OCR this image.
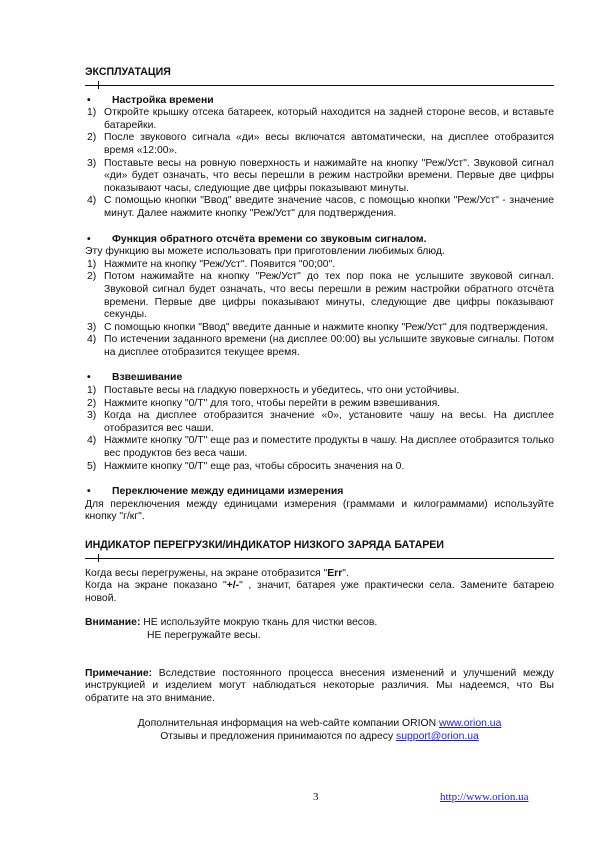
ЭКСПЛУАТАЦИЯ
•	Настройка времени
1) Откройте крышку отсека батареек, который находится на задней стороне весов, и вставьте батарейки.
2) После звукового сигнала «ди» весы включатся автоматически, на дисплее отобразится время «12:00».
3) Поставьте весы на ровную поверхность и нажимайте на кнопку "Реж/Уст". Звуковой сигнал «ди» будет означать, что весы перешли в режим настройки времени. Первые две цифры показывают часы, следующие две цифры показывают минуты.
4) С помощью кнопки "Ввод" введите значение часов, с помощью кнопки "Реж/Уст" - значение минут. Далее нажмите кнопку "Реж/Уст" для подтверждения.
•	Функция обратного отсчёта времени со звуковым сигналом.

Эту функцию вы можете использовать при приготовлении любимых блюд.

1) Нажмите на кнопку "Реж/Уст". Появится "00;00".
2) Потом нажимайте на кнопку "Реж/Уст" до тех пор пока не услышите звуковой сигнал. Звуковой сигнал будет означать, что весы перешли в режим настройки обратного отсчёта времени. Первые две цифры показывают минуты, следующие две цифры показывают секунды.
3) С помощью кнопки "Ввод" введите данные и нажмите кнопку "Реж/Уст" для подтверждения.
4) По истечении заданного времени (на дисплее 00:00) вы услышите звуковые сигналы. Потом на дисплее отобразится текущее время.
•	Взвешивание
1) Поставьте весы на гладкую поверхность и убедитесь, что они устойчивы.
2) Нажмите кнопку "0/T" для того, чтобы перейти в режим взвешивания.
3) Когда на дисплее отобразится значение «0», установите чашу на весы. На дисплее отобразится вес чаши.
4) Нажмите кнопку "0/T" еще раз и поместите продукты в чашу. На дисплее отобразится только вес продуктов без веса чаши.
5) Нажмите кнопку "0/T" еще раз, чтобы сбросить значения на 0.
•	Переключение между единицами измерения

Для переключения между единицами измерения (граммами и килограммами) используйте кнопку "г/кг".

ИНДИКАТОР ПЕРЕГРУЗКИ/ИНДИКАТОР НИЗКОГО ЗАРЯДА БАТАРЕИ

Когда весы перегружены, на экране отобразится "Err".

Когда на экране показано "+/-" , значит, батарея уже практически села. Замените батарею новой.

Внимание: НЕ используйте мокрую ткань для чистки весов.

НЕ перегружайте весы.

Примечание: Вследствие постоянного процесса внесения изменений и улучшений между инструкцией и изделием могут наблюдаться некоторые различия. Мы надеемся, что Вы обратите на это внимание.

Дополнительная информация на web-сайте компании ORION www.orion.ua
Отзывы и предложения принимаются по адресу support@orion.ua
3	http://www.orion.ua
